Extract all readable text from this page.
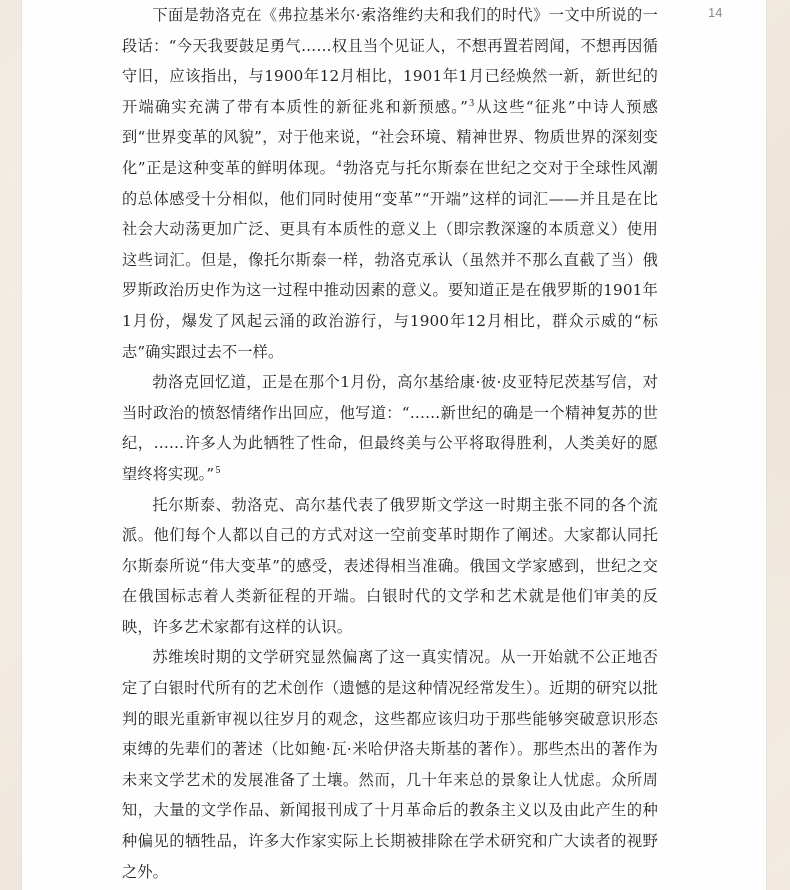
14

下面是勃洛克在《弗拉基米尔·索洛维约夫和我们的时代》一文中所说的一段话：“今天我要鼓足勇气……权且当个见证人，不想再置若罔闻，不想再因循守旧，应该指出，与1900年12月相比，1901年1月已经焕然一新，新世纪的开端确实充满了带有本质性的新征兆和新预感。”$^3$从这些“征兆”中诗人预感到“世界变革的风貌”，对于他来说，“社会环境、精神世界、物质世界的深刻变化”正是这种变革的鲜明体现。$^4$勃洛克与托尔斯泰在世纪之交对于全球性风潮的总体感受十分相似，他们同时使用“变革”“开端”这样的词汇——并且是在比社会大动荡更加广泛、更具有本质性的意义上（即宗教深邃的本质意义）使用这些词汇。但是，像托尔斯泰一样，勃洛克承认（虽然并不那么直截了当）俄罗斯政治历史作为这一过程中推动因素的意义。要知道正是在俄罗斯的1901年1月份，爆发了风起云涌的政治游行，与1900年12月相比，群众示威的“标志”确实跟过去不一样。

勃洛克回忆道，正是在那个1月份，高尔基给康·彼·皮亚特尼茨基写信，对当时政治的愤怒情绪作出回应，他写道：“……新世纪的确是一个精神复苏的世纪，……许多人为此牺牲了性命，但最终美与公平将取得胜利，人类美好的愿望终将实现。”$^5$

托尔斯泰、勃洛克、高尔基代表了俄罗斯文学这一时期主张不同的各个流派。他们每个人都以自己的方式对这一空前变革时期作了阐述。大家都认同托尔斯泰所说“伟大变革”的感受，表述得相当准确。俄国文学家感到，世纪之交在俄国标志着人类新征程的开端。白银时代的文学和艺术就是他们审美的反映，许多艺术家都有这样的认识。

苏维埃时期的文学研究显然偏离了这一真实情况。从一开始就不公正地否定了白银时代所有的艺术创作（遗憾的是这种情况经常发生）。近期的研究以批判的眼光重新审视以往岁月的观念，这些都应该归功于那些能够突破意识形态束缚的先辈们的著述（比如鲍·瓦·米哈伊洛夫斯基的著作）。那些杰出的著作为未来文学艺术的发展准备了土壤。然而，几十年来总的景象让人忧虑。众所周知，大量的文学作品、新闻报刊成了十月革命后的教条主义以及由此产生的种种偏见的牺牲品，许多大作家实际上长期被排除在学术研究和广大读者的视野之外。
